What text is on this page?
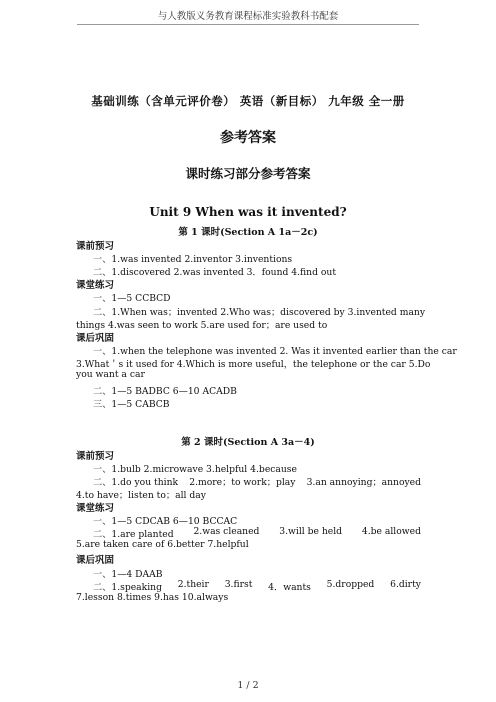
与人教版义务教育课程标准实验教科书配套
基础训练（含单元评价卷） 英语（新目标） 九年级 全一册
参考答案
课时练习部分参考答案
Unit 9 When was it invented?
第 1 课时(Section A 1a－2c)
课前预习
一、1.was invented 2.inventor 3.inventions
二、1.discovered 2.was invented 3．found 4.find out
课堂练习
一、1—5 CCBCD
二、1.When was；invented 2.Who was；discovered by 3.invented many
things 4.was seen to work 5.are used for；are used to
课后巩固
一、1.when the telephone was invented 2. Was it invented earlier than the car
3.What＇s it used for 4.Which is more useful，the telephone or the car 5.Do
you want a car
二、1—5 BADBC 6—10 ACADB
三、1—5 CABCB
第 2 课时(Section A 3a－4)
课前预习
一、1.bulb 2.microwave 3.helpful 4.because
二、1.do you think 2.more；to work；play 3.an annoying；annoyed
4.to have；listen to；all day
课堂练习
一、1—5 CDCAB 6—10 BCCAC
二、1.are planted 2.was cleaned 3.will be held 4.be allowed
5.are taken care of 6.better 7.helpful
课后巩固
一、1—4 DAAB
二、1.speaking 2.their 3.first 4．wants 5.dropped 6.dirty
7.lesson 8.times 9.has 10.always
1 / 2
